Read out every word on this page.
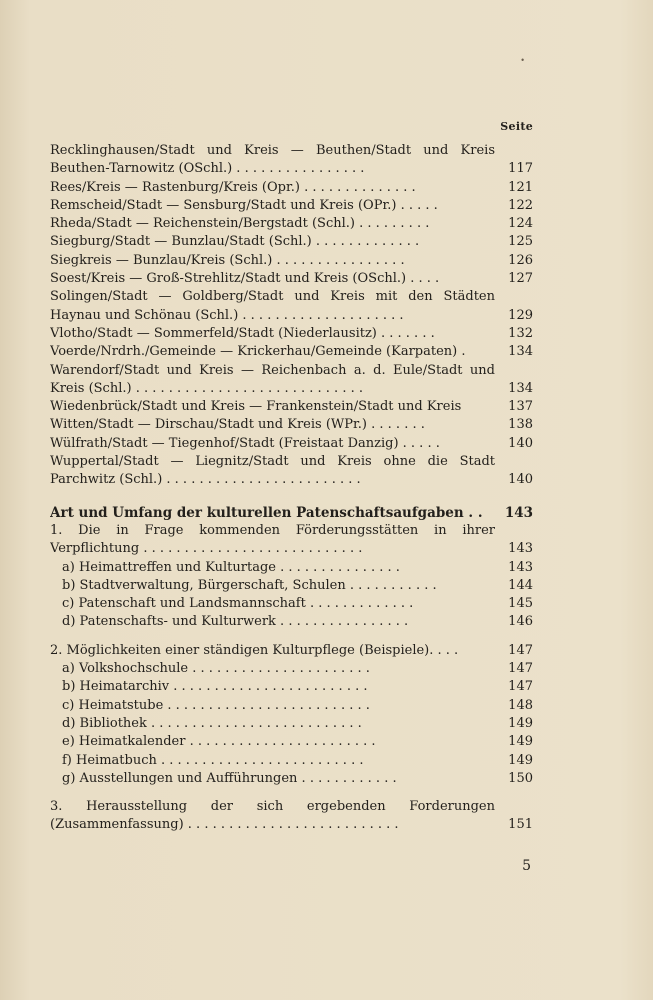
•
Seite
Recklinghausen/Stadt und Kreis — Beuthen/Stadt und Kreis Beuthen-Tarnowitz (OSchl.) . . . . . . . . . . . . . . . .	117
Rees/Kreis — Rastenburg/Kreis (Opr.) . . . . . . . . . . . . . .	121
Remscheid/Stadt — Sensburg/Stadt und Kreis (OPr.) . . . . .	122
Rheda/Stadt — Reichenstein/Bergstadt (Schl.) . . . . . . . . .	124
Siegburg/Stadt — Bunzlau/Stadt (Schl.) . . . . . . . . . . . . .	125
Siegkreis — Bunzlau/Kreis (Schl.) . . . . . . . . . . . . . . . .	126
Soest/Kreis — Groß-Strehlitz/Stadt und Kreis (OSchl.) . . . .	127
Solingen/Stadt — Goldberg/Stadt und Kreis mit den Städten Haynau und Schönau (Schl.) . . . . . . . . . . . . . . . . . . . .	129
Vlotho/Stadt — Sommerfeld/Stadt (Niederlausitz) . . . . . . .	132
Voerde/Nrdrh./Gemeinde — Krickerhau/Gemeinde (Karpaten) .	134
Warendorf/Stadt und Kreis — Reichenbach a. d. Eule/Stadt und Kreis (Schl.) . . . . . . . . . . . . . . . . . . . . . . . . . . . .	134
Wiedenbrück/Stadt und Kreis — Frankenstein/Stadt und Kreis	137
Witten/Stadt — Dirschau/Stadt und Kreis (WPr.) . . . . . . .	138
Wülfrath/Stadt — Tiegenhof/Stadt (Freistaat Danzig) . . . . .	140
Wuppertal/Stadt — Liegnitz/Stadt und Kreis ohne die Stadt Parchwitz (Schl.) . . . . . . . . . . . . . . . . . . . . . . . .	140
Art und Umfang der kulturellen Patenschaftsaufgaben . .	143
1. Die in Frage kommenden Förderungsstätten in ihrer Verpflichtung . . . . . . . . . . . . . . . . . . . . . . . . . . .	143
a) Heimattreffen und Kulturtage . . . . . . . . . . . . . . .	143
b) Stadtverwaltung, Bürgerschaft, Schulen . . . . . . . . . . .	144
c) Patenschaft und Landsmannschaft . . . . . . . . . . . . .	145
d) Patenschafts- und Kulturwerk . . . . . . . . . . . . . . . .	146
2. Möglichkeiten einer ständigen Kulturpflege (Beispiele). . . .	147
a) Volkshochschule . . . . . . . . . . . . . . . . . . . . . .	147
b) Heimatarchiv . . . . . . . . . . . . . . . . . . . . . . . .	147
c) Heimatstube . . . . . . . . . . . . . . . . . . . . . . . . .	148
d) Bibliothek . . . . . . . . . . . . . . . . . . . . . . . . . .	149
e) Heimatkalender . . . . . . . . . . . . . . . . . . . . . . .	149
f) Heimatbuch . . . . . . . . . . . . . . . . . . . . . . . . .	149
g) Ausstellungen und Aufführungen . . . . . . . . . . . .	150
3. Herausstellung der sich ergebenden Forderungen (Zusammenfassung) . . . . . . . . . . . . . . . . . . . . . . . . . .	151
5
